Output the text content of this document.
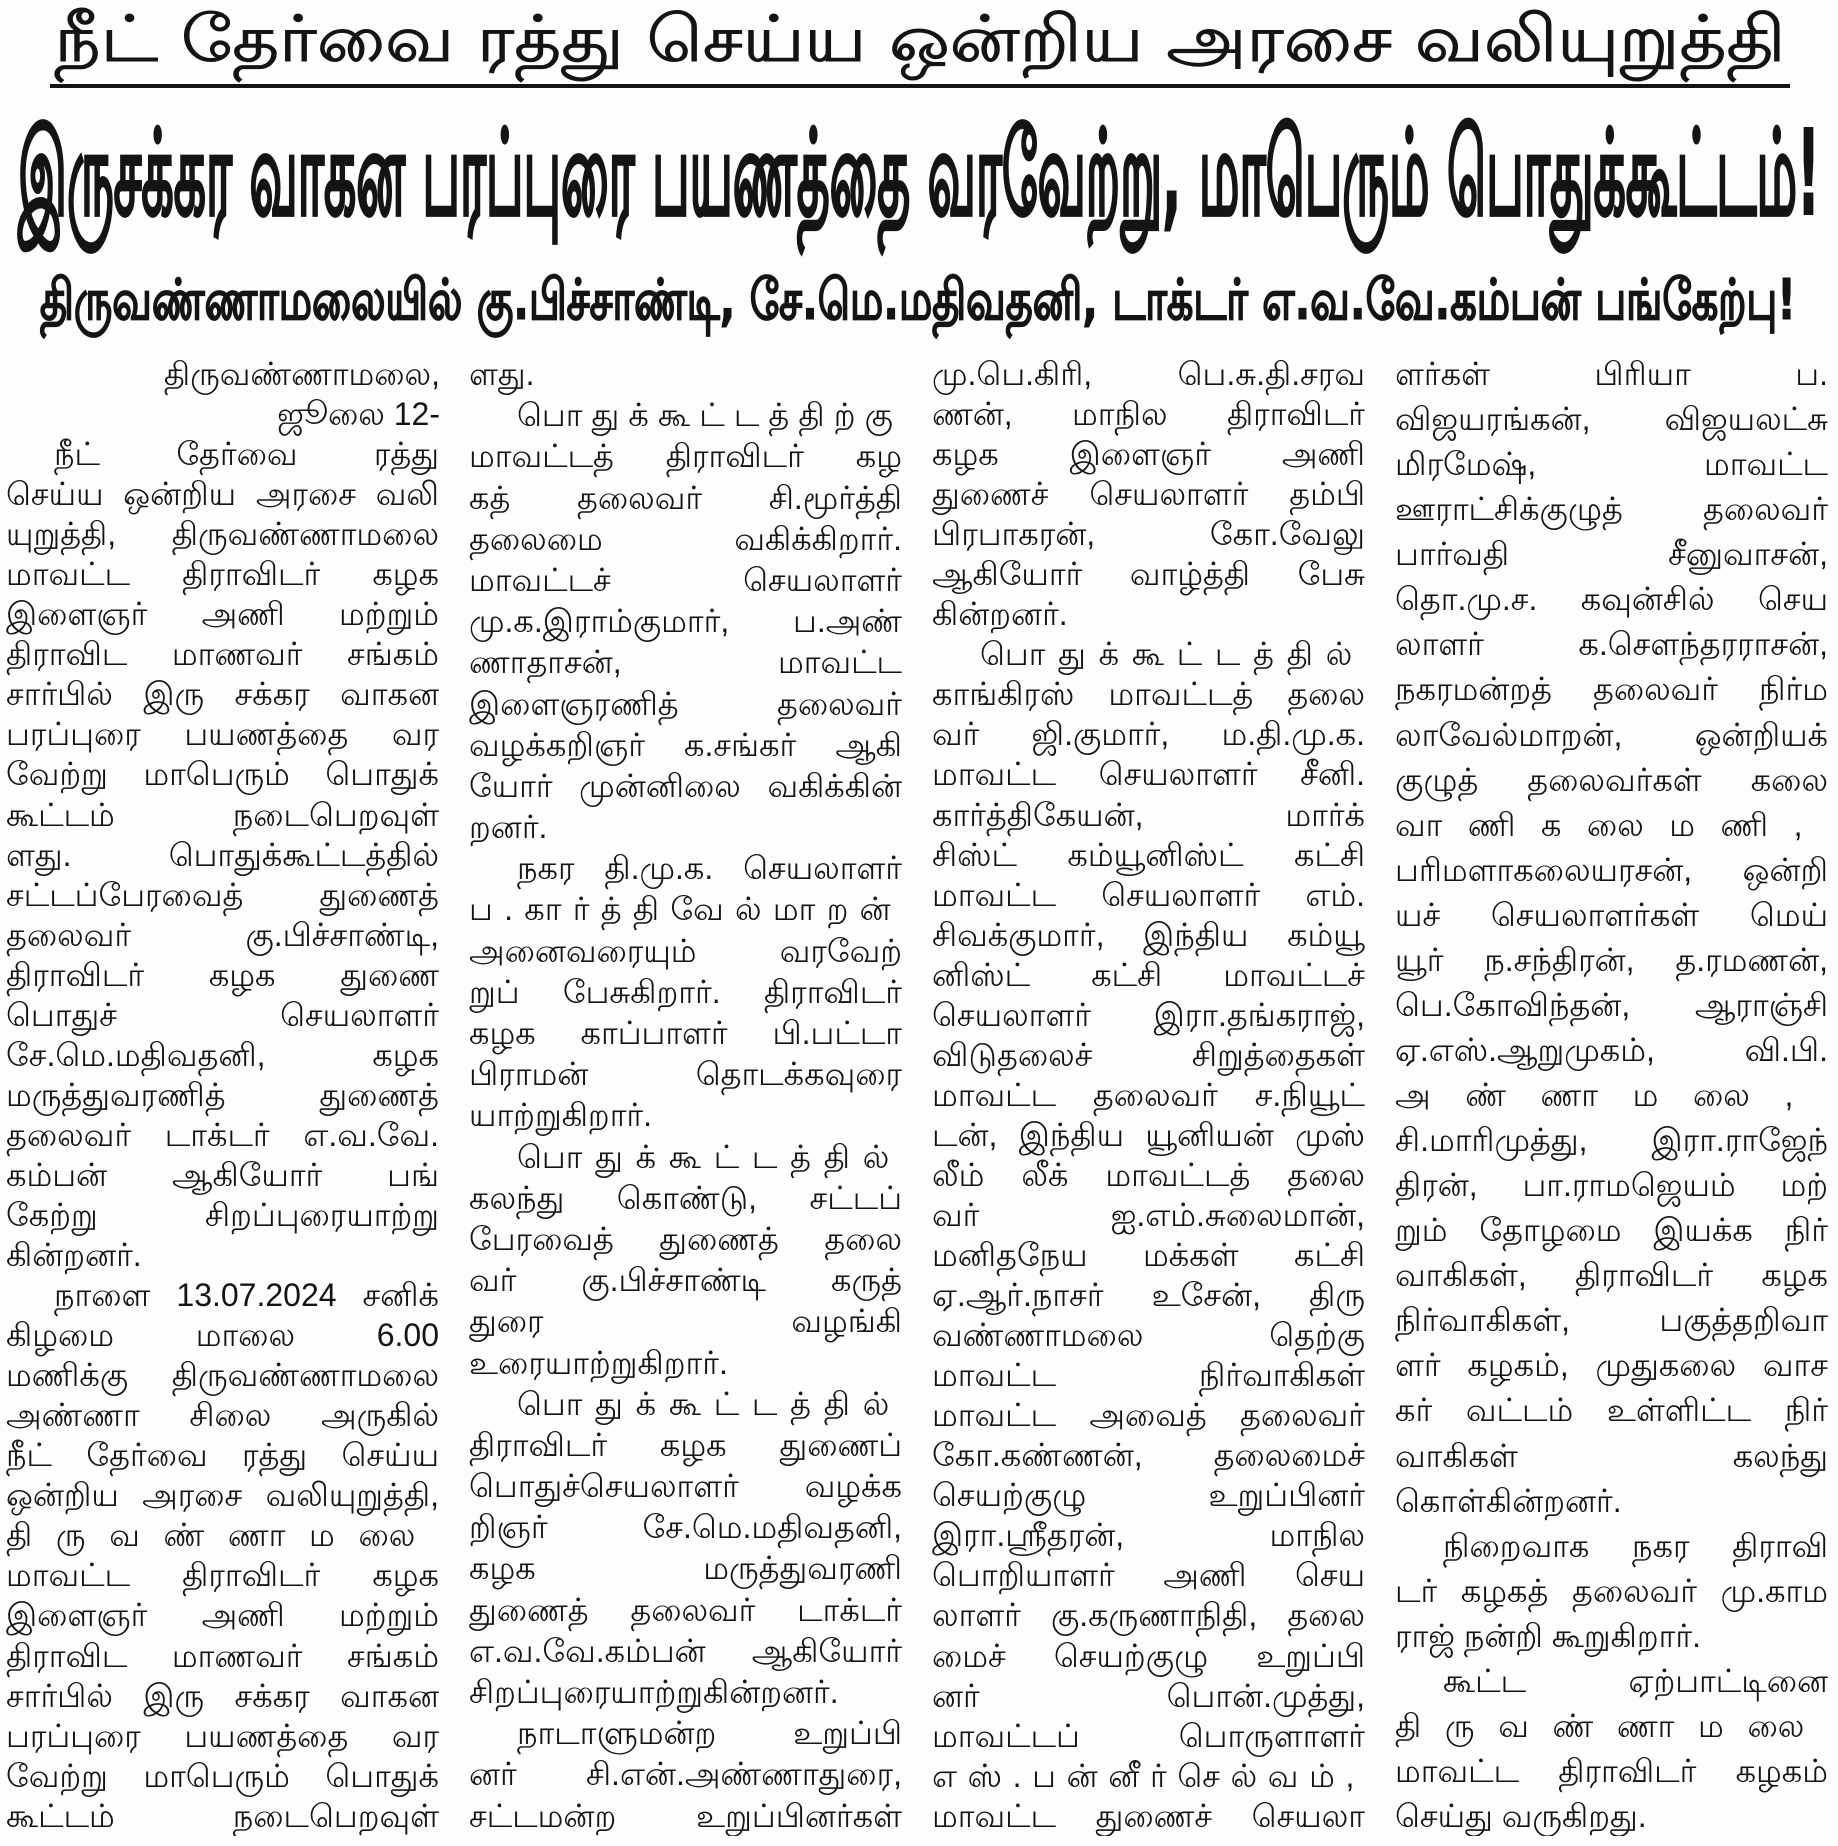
நீட் தேர்வை ரத்து செய்ய ஒன்றிய அரசை வலியுறுத்தி
இருசக்கர வாகன பரப்புரை பயணத்தை வரவேற்று, மாபெரும் பொதுக்கூட்டம்!
திருவண்ணாமலையில் கு.பிச்சாண்டி, சே.மெ.மதிவதனி, டாக்டர் எ.வ.வே.கம்பன் பங்கேற்பு!
திருவண்ணாமலை,
ஜூலை 12-
நீட் தேர்வை ரத்து
செய்ய ஒன்றிய அரசை வலி
யுறுத்தி, திருவண்ணாமலை
மாவட்ட திராவிடர் கழக
இளைஞர் அணி மற்றும்
திராவிட மாணவர் சங்கம்
சார்பில் இரு சக்கர வாகன
பரப்புரை பயணத்தை வர
வேற்று மாபெரும் பொதுக்
கூட்டம் நடைபெறவுள்
ளது. பொதுக்கூட்டத்தில்
சட்டப்பேரவைத் துணைத்
தலைவர் கு.பிச்சாண்டி,
திராவிடர் கழக துணை
பொதுச் செயலாளர்
சே.மெ.மதிவதனி, கழக
மருத்துவரணித் துணைத்
தலைவர் டாக்டர் எ.வ.வே.
கம்பன் ஆகியோர் பங்
கேற்று சிறப்புரையாற்று
கின்றனர்.
நாளை 13.07.2024 சனிக்
கிழமை மாலை 6.00
மணிக்கு திருவண்ணாமலை
அண்ணா சிலை அருகில்
நீட் தேர்வை ரத்து செய்ய
ஒன்றிய அரசை வலியுறுத்தி,
திருவண்ணாமலை
மாவட்ட திராவிடர் கழக
இளைஞர் அணி மற்றும்
திராவிட மாணவர் சங்கம்
சார்பில் இரு சக்கர வாகன
பரப்புரை பயணத்தை வர
வேற்று மாபெரும் பொதுக்
கூட்டம் நடைபெறவுள்
ளது.
பொதுக்கூட்டத்திற்கு
மாவட்டத் திராவிடர் கழ
கத் தலைவர் சி.மூர்த்தி
தலைமை வகிக்கிறார்.
மாவட்டச் செயலாளர்
மு.க.இராம்குமார், ப.அண்
ணாதாசன், மாவட்ட
இளைஞரணித் தலைவர்
வழக்கறிஞர் க.சங்கர் ஆகி
யோர் முன்னிலை வகிக்கின்
றனர்.
நகர தி.மு.க. செயலாளர்
ப.கார்த்திவேல்மாறன்
அனைவரையும் வரவேற்
றுப் பேசுகிறார். திராவிடர்
கழக காப்பாளர் பி.பட்டா
பிராமன் தொடக்கவுரை
யாற்றுகிறார்.
பொதுக்கூட்டத்தில்
கலந்து கொண்டு, சட்டப்
பேரவைத் துணைத் தலை
வர் கு.பிச்சாண்டி கருத்
துரை வழங்கி
உரையாற்றுகிறார்.
பொதுக்கூட்டத்தில்
திராவிடர் கழக துணைப்
பொதுச்செயலாளர் வழக்க
றிஞர் சே.மெ.மதிவதனி,
கழக மருத்துவரணி
துணைத் தலைவர் டாக்டர்
எ.வ.வே.கம்பன் ஆகியோர்
சிறப்புரையாற்றுகின்றனர்.
நாடாளுமன்ற உறுப்பி
னர் சி.என்.அண்ணாதுரை,
சட்டமன்ற உறுப்பினர்கள்
மு.பெ.கிரி, பெ.சு.தி.சரவ
ணன், மாநில திராவிடர்
கழக இளைஞர் அணி
துணைச் செயலாளர் தம்பி
பிரபாகரன், கோ.வேலு
ஆகியோர் வாழ்த்தி பேசு
கின்றனர்.
பொதுக்கூட்டத்தில்
காங்கிரஸ் மாவட்டத் தலை
வர் ஜி.குமார், ம.தி.மு.க.
மாவட்ட செயலாளர் சீனி.
கார்த்திகேயன், மார்க்
சிஸ்ட் கம்யூனிஸ்ட் கட்சி
மாவட்ட செயலாளர் எம்.
சிவக்குமார், இந்திய கம்யூ
னிஸ்ட் கட்சி மாவட்டச்
செயலாளர் இரா.தங்கராஜ்,
விடுதலைச் சிறுத்தைகள்
மாவட்ட தலைவர் ச.நியூட்
டன், இந்திய யூனியன் முஸ்
லீம் லீக் மாவட்டத் தலை
வர் ஐ.எம்.சுலைமான்,
மனிதநேய மக்கள் கட்சி
ஏ.ஆர்.நாசர் உசேன், திரு
வண்ணாமலை தெற்கு
மாவட்ட நிர்வாகிகள்
மாவட்ட அவைத் தலைவர்
கோ.கண்ணன், தலைமைச்
செயற்குழு உறுப்பினர்
இரா.ஸ்ரீதரன், மாநில
பொறியாளர் அணி செய
லாளர் கு.கருணாநிதி, தலை
மைச் செயற்குழு உறுப்பி
னர் பொன்.முத்து,
மாவட்டப் பொருளாளர்
எஸ்.பன்னீர்செல்வம்,
மாவட்ட துணைச் செயலா
ளர்கள் பிரியா ப.
விஜயரங்கன், விஜயலட்சு
மிரமேஷ், மாவட்ட
ஊராட்சிக்குழுத் தலைவர்
பார்வதி சீனுவாசன்,
தொ.மு.ச. கவுன்சில் செய
லாளர் க.சௌந்தரராசன்,
நகரமன்றத் தலைவர் நிர்ம
லாவேல்மாறன், ஒன்றியக்
குழுத் தலைவர்கள் கலை
வாணிகலைமணி,
பரிமளாகலையரசன், ஒன்றி
யச் செயலாளர்கள் மெய்
யூர் ந.சந்திரன், த.ரமணன்,
பெ.கோவிந்தன், ஆராஞ்சி
ஏ.எஸ்.ஆறுமுகம், வி.பி.
அண்ணாமலை,
சி.மாரிமுத்து, இரா.ராஜேந்
திரன், பா.ராமஜெயம் மற்
றும் தோழமை இயக்க நிர்
வாகிகள், திராவிடர் கழக
நிர்வாகிகள், பகுத்தறிவா
ளர் கழகம், முதுகலை வாச
கர் வட்டம் உள்ளிட்ட நிர்
வாகிகள் கலந்து
கொள்கின்றனர்.
நிறைவாக நகர திராவி
டர் கழகத் தலைவர் மு.காம
ராஜ் நன்றி கூறுகிறார்.
கூட்ட ஏற்பாட்டினை
திருவண்ணாமலை
மாவட்ட திராவிடர் கழகம்
செய்து வருகிறது.
